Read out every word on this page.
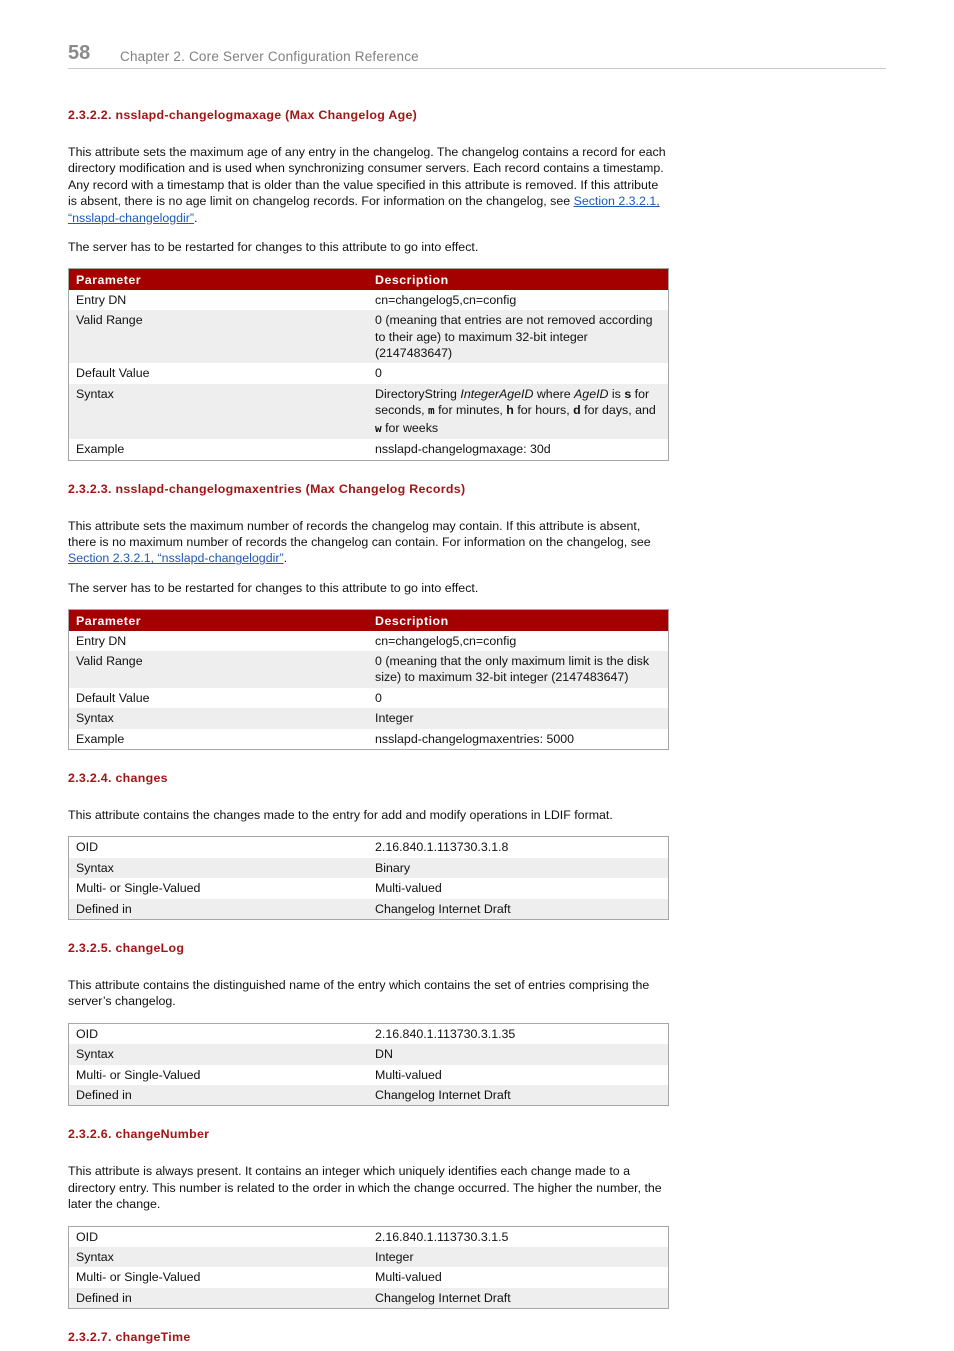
58 Chapter 2. Core Server Configuration Reference
2.3.2.2. nsslapd-changelogmaxage (Max Changelog Age)

This attribute sets the maximum age of any entry in the changelog. The changelog contains a record for each directory modification and is used when synchronizing consumer servers. Each record contains a timestamp. Any record with a timestamp that is older than the value specified in this attribute is removed. If this attribute is absent, there is no age limit on changelog records. For information on the changelog, see Section 2.3.2.1, “nsslapd-changelogdir”.

The server has to be restarted for changes to this attribute to go into effect.

Parameter	Description
Entry DN	cn=changelog5,cn=config
Valid Range	0 (meaning that entries are not removed according to their age) to maximum 32-bit integer (2147483647)
Default Value	0
Syntax	DirectoryString IntegerAgeID where AgeID is s for seconds, m for minutes, h for hours, d for days, and w for weeks
Example	nsslapd-changelogmaxage: 30d
2.3.2.3. nsslapd-changelogmaxentries (Max Changelog Records)

This attribute sets the maximum number of records the changelog may contain. If this attribute is absent, there is no maximum number of records the changelog can contain. For information on the changelog, see Section 2.3.2.1, “nsslapd-changelogdir”.

The server has to be restarted for changes to this attribute to go into effect.

Parameter	Description
Entry DN	cn=changelog5,cn=config
Valid Range	0 (meaning that the only maximum limit is the disk size) to maximum 32-bit integer (2147483647)
Default Value	0
Syntax	Integer
Example	nsslapd-changelogmaxentries: 5000
2.3.2.4. changes

This attribute contains the changes made to the entry for add and modify operations in LDIF format.

OID	2.16.840.1.113730.3.1.8
Syntax	Binary
Multi- or Single-Valued	Multi-valued
Defined in	Changelog Internet Draft
2.3.2.5. changeLog

This attribute contains the distinguished name of the entry which contains the set of entries comprising the server’s changelog.

OID	2.16.840.1.113730.3.1.35
Syntax	DN
Multi- or Single-Valued	Multi-valued
Defined in	Changelog Internet Draft
2.3.2.6. changeNumber

This attribute is always present. It contains an integer which uniquely identifies each change made to a directory entry. This number is related to the order in which the change occurred. The higher the number, the later the change.

OID	2.16.840.1.113730.3.1.5
Syntax	Integer
Multi- or Single-Valued	Multi-valued
Defined in	Changelog Internet Draft
2.3.2.7. changeTime
